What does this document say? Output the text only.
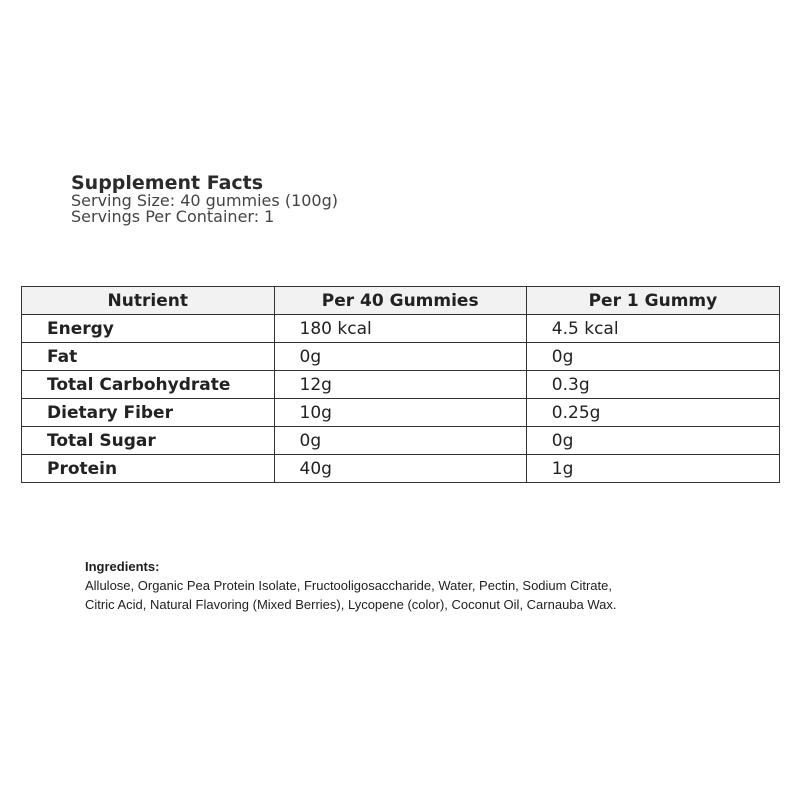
Supplement Facts

Serving Size: 40 gummies (100g)

Servings Per Container: 1

Nutrient	Per 40 Gummies	Per 1 Gummy
Energy	180 kcal	4.5 kcal
Fat	0g	0g
Total Carbohydrate	12g	0.3g
Dietary Fiber	10g	0.25g
Total Sugar	0g	0g
Protein	40g	1g

Ingredients:

Allulose, Organic Pea Protein Isolate, Fructooligosaccharide, Water, Pectin, Sodium Citrate,

Citric Acid, Natural Flavoring (Mixed Berries), Lycopene (color), Coconut Oil, Carnauba Wax.
